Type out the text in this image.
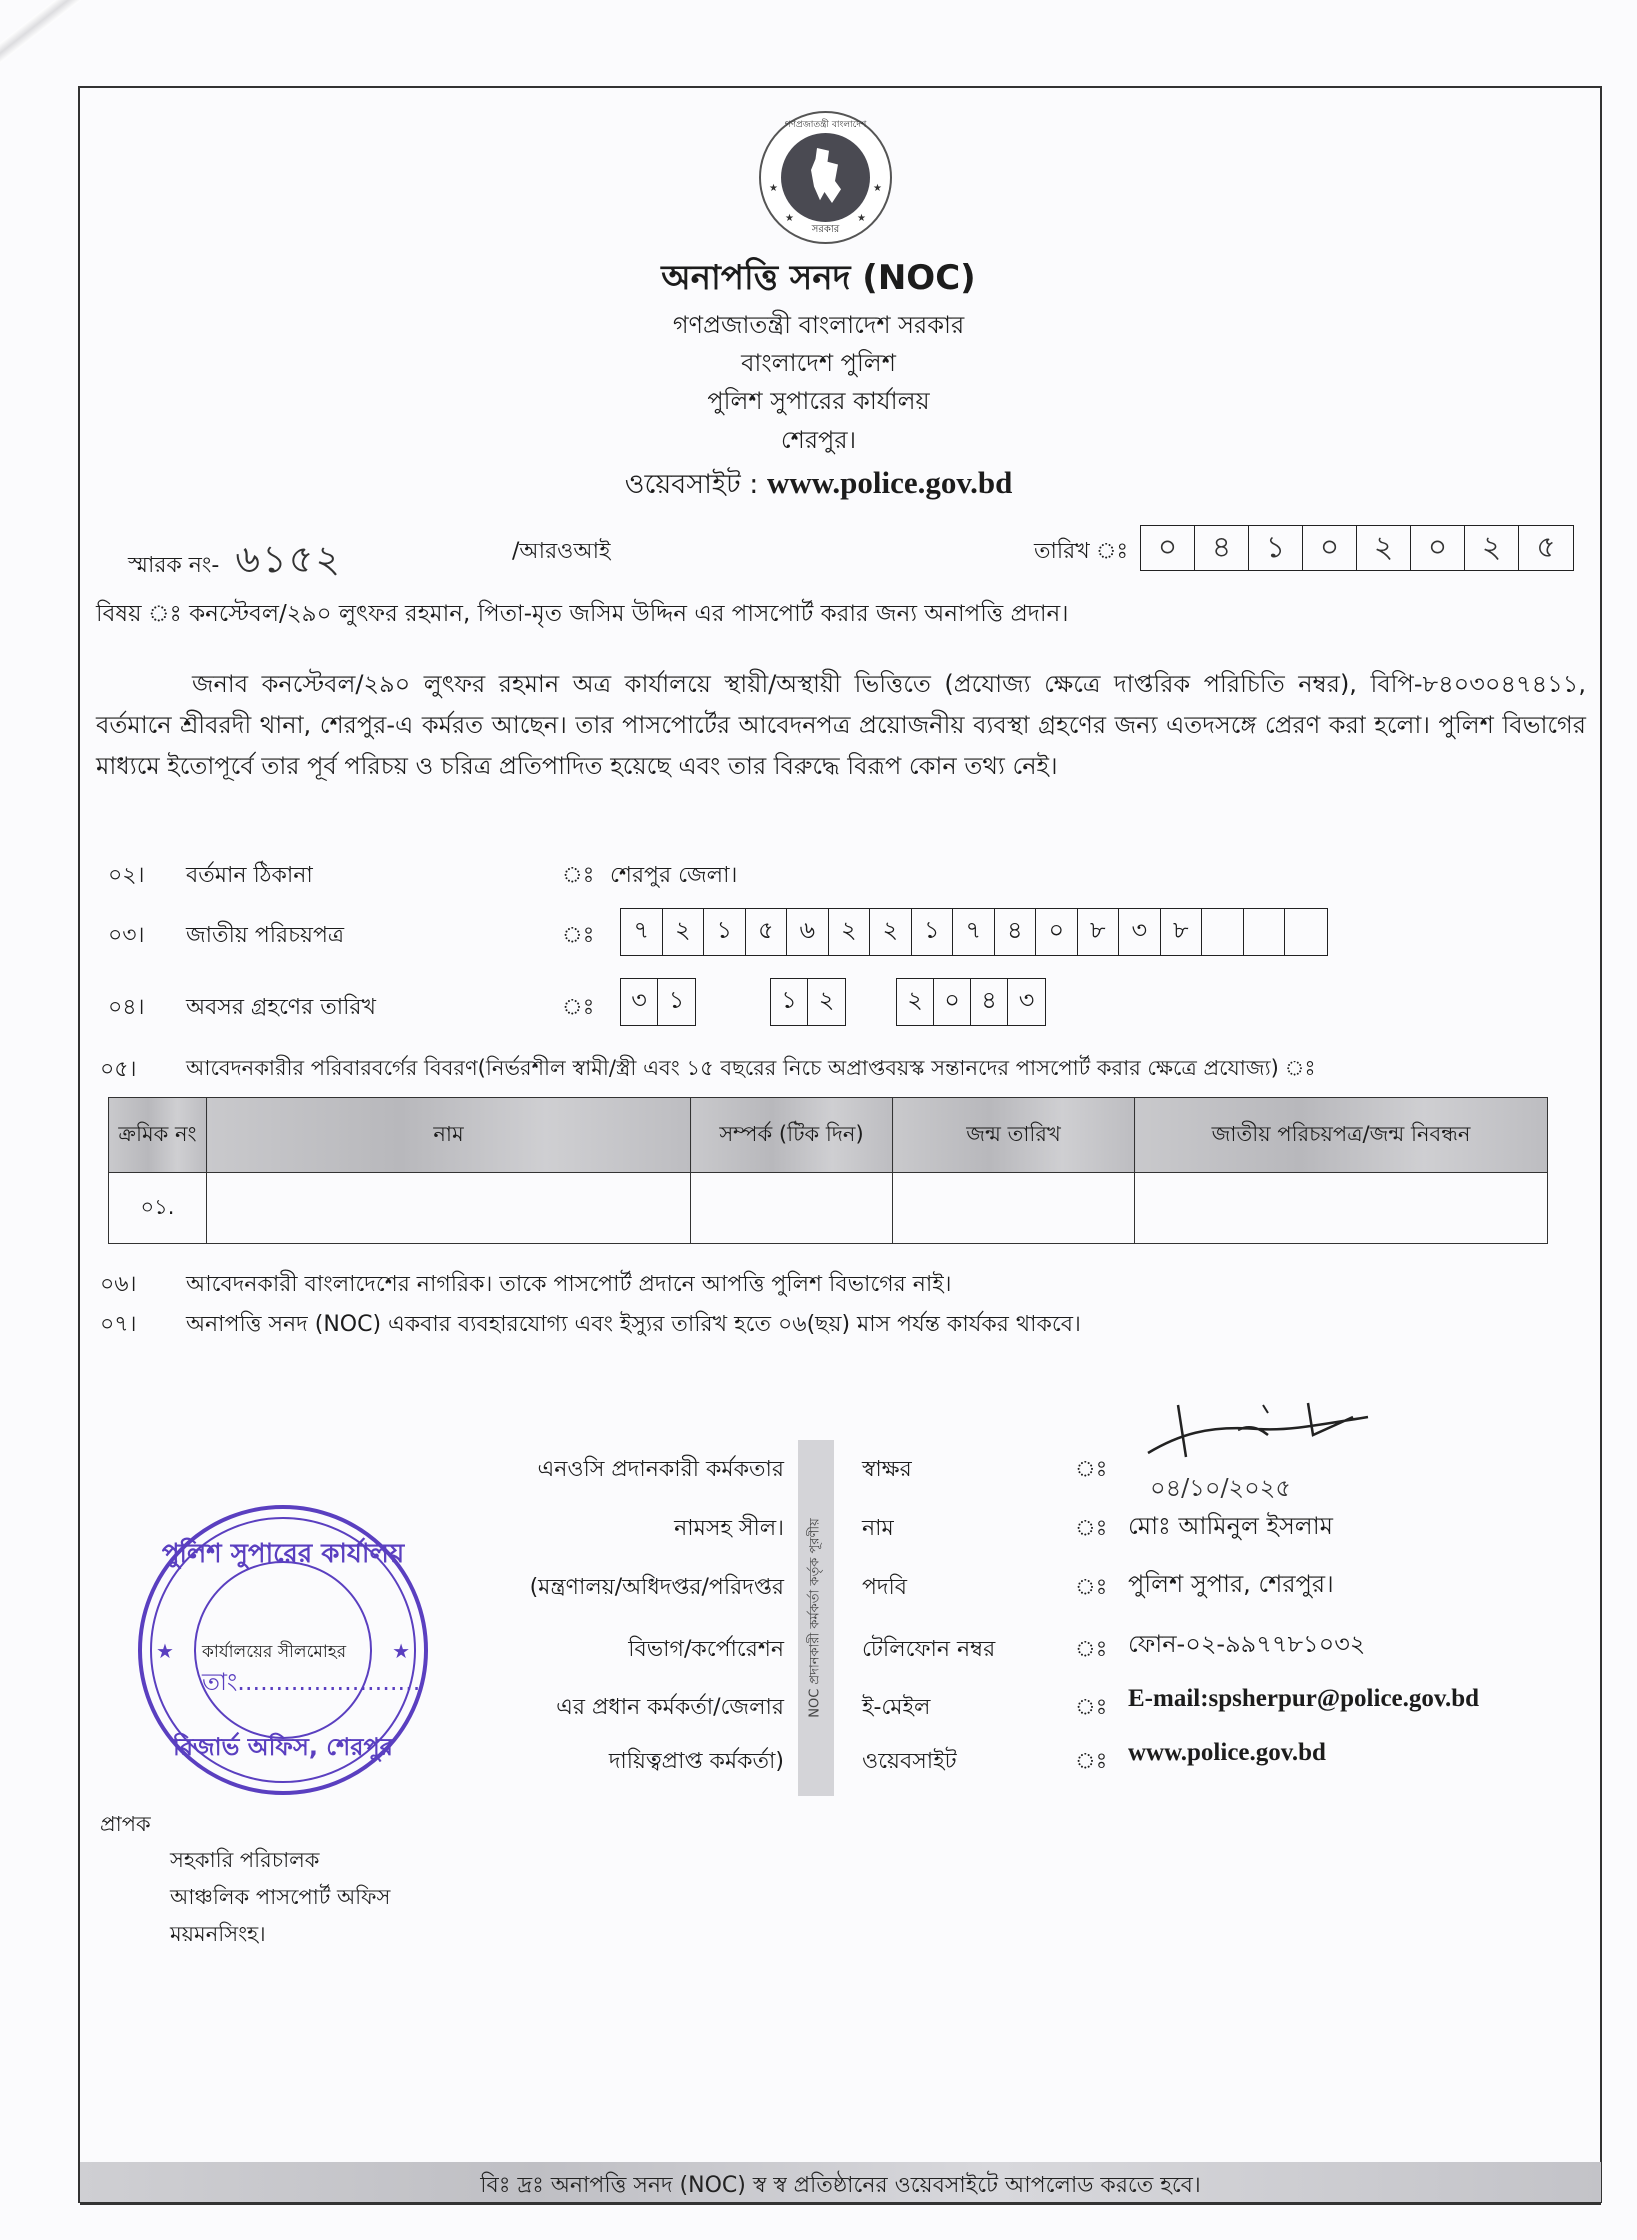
গণপ্রজাতন্ত্রী বাংলাদেশ
★	★
★	★
সরকার
অনাপত্তি সনদ (NOC)
গণপ্রজাতন্ত্রী বাংলাদেশ সরকার
বাংলাদেশ পুলিশ
পুলিশ সুপারের কার্যালয়
শেরপুর।
ওয়েবসাইট : www.police.gov.bd
স্মারক নং- ৬১৫২	/আরওআই	তারিখ ঃ ০	৪	১	০	২	০	২	৫
বিষয় ঃ কনস্টেবল/২৯০ লুৎফর রহমান, পিতা-মৃত জসিম উদ্দিন এর পাসপোর্ট করার জন্য অনাপত্তি প্রদান।
জনাব কনস্টেবল/২৯০ লুৎফর রহমান অত্র কার্যালয়ে স্থায়ী/অস্থায়ী ভিত্তিতে (প্রযোজ্য ক্ষেত্রে দাপ্তরিক পরিচিতি নম্বর), বিপি-৮৪০৩০৪৭৪১১, বর্তমানে শ্রীবরদী থানা, শেরপুর-এ কর্মরত আছেন। তার পাসপোর্টের আবেদনপত্র প্রয়োজনীয় ব্যবস্থা গ্রহণের জন্য এতদসঙ্গে প্রেরণ করা হলো। পুলিশ বিভাগের মাধ্যমে ইতোপূর্বে তার পূর্ব পরিচয় ও চরিত্র প্রতিপাদিত হয়েছে এবং তার বিরুদ্ধে বিরূপ কোন তথ্য নেই।
০২। বর্তমান ঠিকানা	ঃ শেরপুর জেলা।
০৩। জাতীয় পরিচয়পত্র	ঃ	৭	২	১	৫	৬	২	২	১	৭	৪	০	৮	৩	৮
০৪। অবসর গ্রহণের তারিখ	ঃ	৩ ১	১ ২	২ ০ ৪ ৩
০৫। আবেদনকারীর পরিবারবর্গের বিবরণ(নির্ভরশীল স্বামী/স্ত্রী এবং ১৫ বছরের নিচে অপ্রাপ্তবয়স্ক সন্তানদের পাসপোর্ট করার ক্ষেত্রে প্রযোজ্য) ঃ
ক্রমিক নং	নাম	সম্পর্ক (টিক দিন)	জন্ম তারিখ	জাতীয় পরিচয়পত্র/জন্ম নিবন্ধন
০১.				
০৬। আবেদনকারী বাংলাদেশের নাগরিক। তাকে পাসপোর্ট প্রদানে আপত্তি পুলিশ বিভাগের নাই।
০৭। অনাপত্তি সনদ (NOC) একবার ব্যবহারযোগ্য এবং ইস্যুর তারিখ হতে ০৬(ছয়) মাস পর্যন্ত কার্যকর থাকবে।
এনওসি প্রদানকারী কর্মকতার
নামসহ সীল।
(মন্ত্রণালয়/অধিদপ্তর/পরিদপ্তর
বিভাগ/কর্পোরেশন
এর প্রধান কর্মকর্তা/জেলার
দায়িত্বপ্রাপ্ত কর্মকর্তা)
NOC প্রদানকারী কর্মকর্তা কর্তৃক পূরণীয়
স্বাক্ষর	ঃ
০৪/১০/২০২৫
নাম	ঃ মোঃ আমিনুল ইসলাম
পদবি	ঃ পুলিশ সুপার, শেরপুর।
টেলিফোন নম্বর	ঃ ফোন-০২-৯৯৭৭৮১০৩২
ই-মেইল	ঃ E-mail:spsherpur@police.gov.bd
ওয়েবসাইট	ঃ www.police.gov.bd
পুলিশ সুপারের কার্যালয়
★	★
রিজার্ভ অফিস, শেরপুর
কার্যালয়ের সীলমোহর
তাং........................
প্রাপক
সহকারি পরিচালক
আঞ্চলিক পাসপোর্ট অফিস
ময়মনসিংহ।
বিঃ দ্রঃ অনাপত্তি সনদ (NOC) স্ব স্ব প্রতিষ্ঠানের ওয়েবসাইটে আপলোড করতে হবে।
